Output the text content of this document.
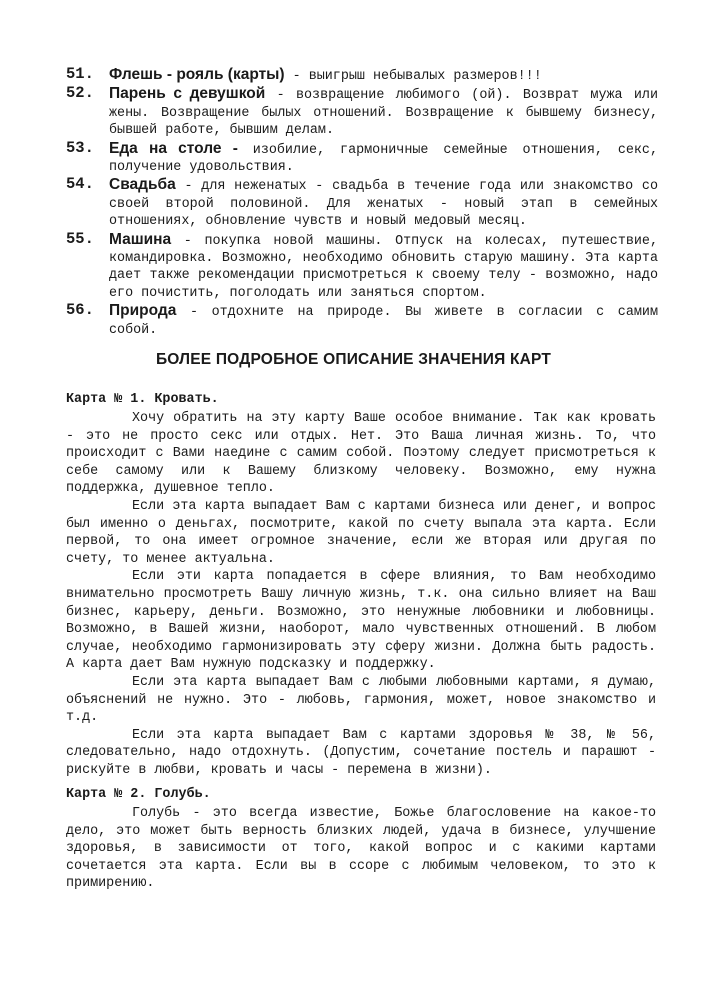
51. Флешь - рояль (карты) - выигрыш небывалых размеров!!!
52. Парень с девушкой - возвращение любимого (ой). Возврат мужа или жены. Возвращение былых отношений. Возвращение к бывшему бизнесу, бывшей работе, бывшим делам.
53. Еда на столе - изобилие, гармоничные семейные отношения, секс, получение удовольствия.
54. Свадьба - для неженатых - свадьба в течение года или знакомство со своей второй половиной. Для женатых - новый этап в семейных отношениях, обновление чувств и новый медовый месяц.
55. Машина - покупка новой машины. Отпуск на колесах, путешествие, командировка. Возможно, необходимо обновить старую машину. Эта карта дает также рекомендации присмотреться к своему телу - возможно, надо его почистить, поголодать или заняться спортом.
56. Природа - отдохните на природе. Вы живете в согласии с самим собой.
БОЛЕЕ ПОДРОБНОЕ ОПИСАНИЕ ЗНАЧЕНИЯ КАРТ
Карта № 1. Кровать.

Хочу обратить на эту карту Ваше особое внимание. Так как кровать - это не просто секс или отдых. Нет. Это Ваша личная жизнь. То, что происходит с Вами наедине с самим собой. Поэтому следует присмотреться к себе самому или к Вашему близкому человеку. Возможно, ему нужна поддержка, душевное тепло.

Если эта карта выпадает Вам с картами бизнеса или денег, и вопрос был именно о деньгах, посмотрите, какой по счету выпала эта карта. Если первой, то она имеет огромное значение, если же вторая или другая по счету, то менее актуальна.

Если эти карта попадается в сфере влияния, то Вам необходимо внимательно просмотреть Вашу личную жизнь, т.к. она сильно влияет на Ваш бизнес, карьеру, деньги. Возможно, это ненужные любовники и любовницы. Возможно, в Вашей жизни, наоборот, мало чувственных отношений. В любом случае, необходимо гармонизировать эту сферу жизни. Должна быть радость. А карта дает Вам нужную подсказку и поддержку.

Если эта карта выпадает Вам с любыми любовными картами, я думаю, объяснений не нужно. Это - любовь, гармония, может, новое знакомство и т.д.

Если эта карта выпадает Вам с картами здоровья № 38, № 56, следовательно, надо отдохнуть. (Допустим, сочетание постель и парашют - рискуйте в любви, кровать и часы - перемена в жизни).

Карта № 2. Голубь.

Голубь - это всегда известие, Божье благословение на какое-то дело, это может быть верность близких людей, удача в бизнесе, улучшение здоровья, в зависимости от того, какой вопрос и с какими картами сочетается эта карта. Если вы в ссоре с любимым человеком, то это к примирению.
